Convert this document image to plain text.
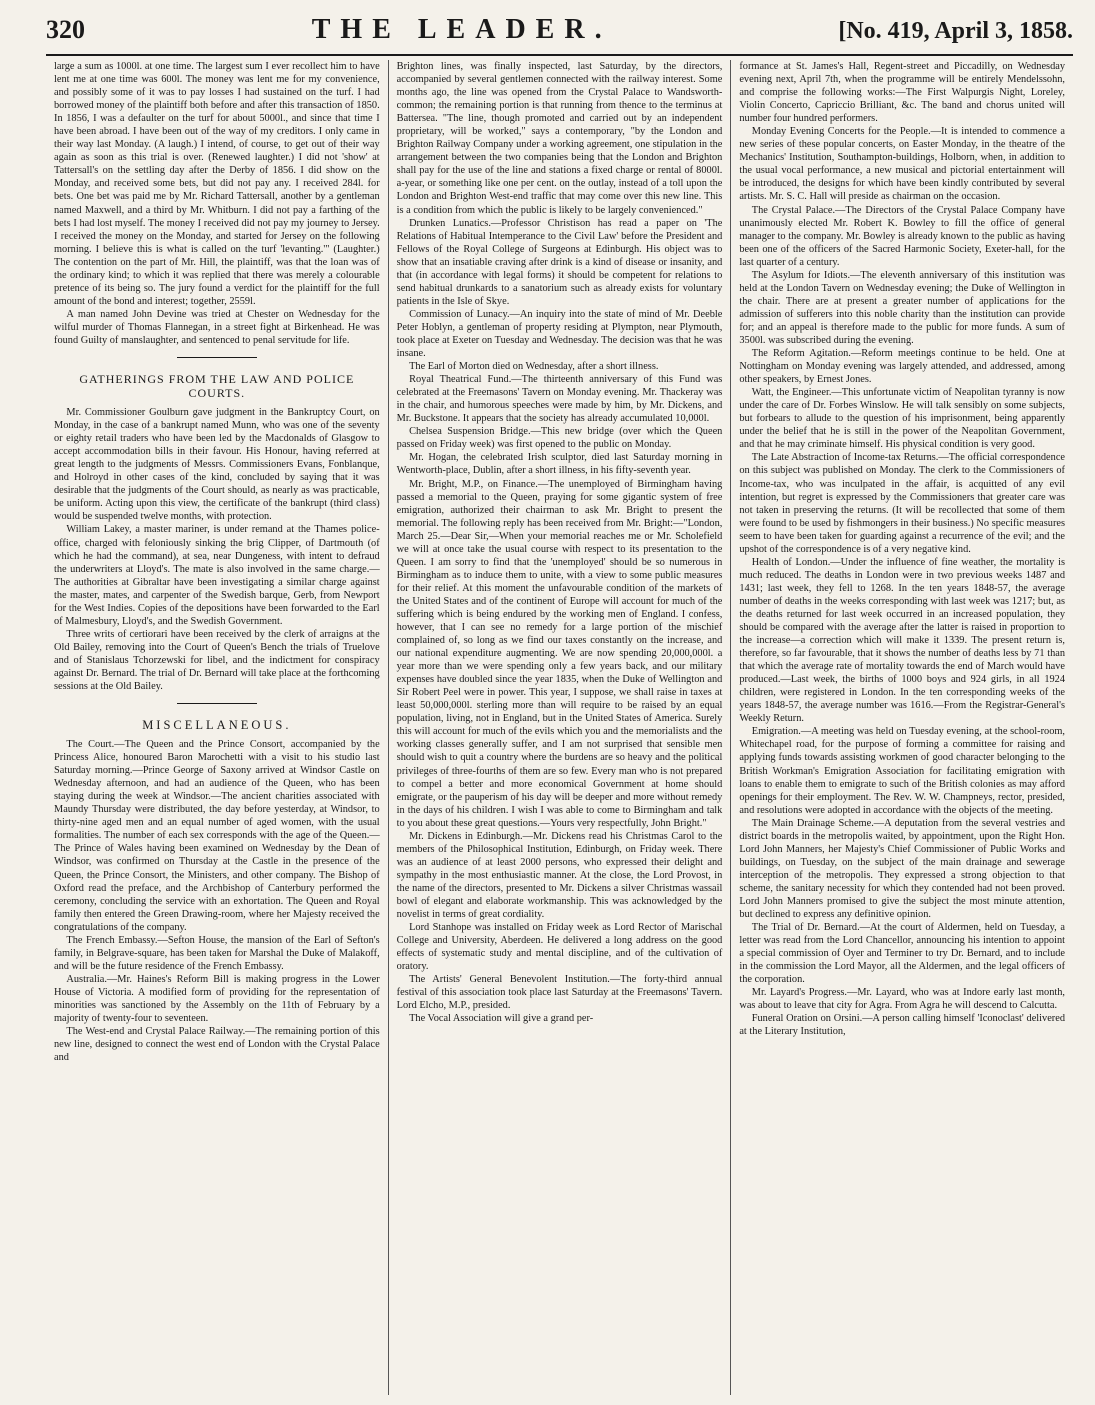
320	THE LEADER.	[No. 419, April 3, 1858.

large a sum as 1000l. at one time. The largest sum I ever recollect him to have lent me at one time was 600l. The money was lent me for my convenience, and possibly some of it was to pay losses I had sustained on the turf. I had borrowed money of the plaintiff both before and after this transaction of 1850. In 1856, I was a defaulter on the turf for about 5000l., and since that time I have been abroad. I have been out of the way of my creditors. I only came in their way last Monday. (A laugh.) I intend, of course, to get out of their way again as soon as this trial is over. (Renewed laughter.) I did not 'show' at Tattersall's on the settling day after the Derby of 1856. I did show on the Monday, and received some bets, but did not pay any. I received 284l. for bets. One bet was paid me by Mr. Richard Tattersall, another by a gentleman named Maxwell, and a third by Mr. Whitburn. I did not pay a farthing of the bets I had lost myself. The money I received did not pay my journey to Jersey. I received the money on the Monday, and started for Jersey on the following morning. I believe this is what is called on the turf 'levanting.'" (Laughter.) The contention on the part of Mr. Hill, the plaintiff, was that the loan was of the ordinary kind; to which it was replied that there was merely a colourable pretence of its being so. The jury found a verdict for the plaintiff for the full amount of the bond and interest; together, 2559l.

A man named John Devine was tried at Chester on Wednesday for the wilful murder of Thomas Flannegan, in a street fight at Birkenhead. He was found Guilty of manslaughter, and sentenced to penal servitude for life.

GATHERINGS FROM THE LAW AND POLICE COURTS.

Mr. Commissioner Goulburn gave judgment in the Bankruptcy Court, on Monday, in the case of a bankrupt named Munn, who was one of the seventy or eighty retail traders who have been led by the Macdonalds of Glasgow to accept accommodation bills in their favour. His Honour, having referred at great length to the judgments of Messrs. Commissioners Evans, Fonblanque, and Holroyd in other cases of the kind, concluded by saying that it was desirable that the judgments of the Court should, as nearly as was practicable, be uniform. Acting upon this view, the certificate of the bankrupt (third class) would be suspended twelve months, with protection.

William Lakey, a master mariner, is under remand at the Thames police-office, charged with feloniously sinking the brig Clipper, of Dartmouth (of which he had the command), at sea, near Dungeness, with intent to defraud the underwriters at Lloyd's. The mate is also involved in the same charge.—The authorities at Gibraltar have been investigating a similar charge against the master, mates, and carpenter of the Swedish barque, Gerb, from Newport for the West Indies. Copies of the depositions have been forwarded to the Earl of Malmesbury, Lloyd's, and the Swedish Government.

Three writs of certiorari have been received by the clerk of arraigns at the Old Bailey, removing into the Court of Queen's Bench the trials of Truelove and of Stanislaus Tchorzewski for libel, and the indictment for conspiracy against Dr. Bernard. The trial of Dr. Bernard will take place at the forthcoming sessions at the Old Bailey.

MISCELLANEOUS.

The Court.—The Queen and the Prince Consort, accompanied by the Princess Alice, honoured Baron Marochetti with a visit to his studio last Saturday morning.—Prince George of Saxony arrived at Windsor Castle on Wednesday afternoon, and had an audience of the Queen, who has been staying during the week at Windsor.—The ancient charities associated with Maundy Thursday were distributed, the day before yesterday, at Windsor, to thirty-nine aged men and an equal number of aged women, with the usual formalities. The number of each sex corresponds with the age of the Queen.—The Prince of Wales having been examined on Wednesday by the Dean of Windsor, was confirmed on Thursday at the Castle in the presence of the Queen, the Prince Consort, the Ministers, and other company. The Bishop of Oxford read the preface, and the Archbishop of Canterbury performed the ceremony, concluding the service with an exhortation. The Queen and Royal family then entered the Green Drawing-room, where her Majesty received the congratulations of the company.

The French Embassy.—Sefton House, the mansion of the Earl of Sefton's family, in Belgrave-square, has been taken for Marshal the Duke of Malakoff, and will be the future residence of the French Embassy.

Australia.—Mr. Haines's Reform Bill is making progress in the Lower House of Victoria. A modified form of providing for the representation of minorities was sanctioned by the Assembly on the 11th of February by a majority of twenty-four to seventeen.

The West-end and Crystal Palace Railway.—The remaining portion of this new line, designed to connect the west end of London with the Crystal Palace and

Brighton lines, was finally inspected, last Saturday, by the directors, accompanied by several gentlemen connected with the railway interest. Some months ago, the line was opened from the Crystal Palace to Wandsworth-common; the remaining portion is that running from thence to the terminus at Battersea. "The line, though promoted and carried out by an independent proprietary, will be worked," says a contemporary, "by the London and Brighton Railway Company under a working agreement, one stipulation in the arrangement between the two companies being that the London and Brighton shall pay for the use of the line and stations a fixed charge or rental of 8000l. a-year, or something like one per cent. on the outlay, instead of a toll upon the London and Brighton West-end traffic that may come over this new line. This is a condition from which the public is likely to be largely convenienced."

Drunken Lunatics.—Professor Christison has read a paper on 'The Relations of Habitual Intemperance to the Civil Law' before the President and Fellows of the Royal College of Surgeons at Edinburgh. His object was to show that an insatiable craving after drink is a kind of disease or insanity, and that (in accordance with legal forms) it should be competent for relations to send habitual drunkards to a sanatorium such as already exists for voluntary patients in the Isle of Skye.

Commission of Lunacy.—An inquiry into the state of mind of Mr. Deeble Peter Hoblyn, a gentleman of property residing at Plympton, near Plymouth, took place at Exeter on Tuesday and Wednesday. The decision was that he was insane.

The Earl of Morton died on Wednesday, after a short illness.

Royal Theatrical Fund.—The thirteenth anniversary of this Fund was celebrated at the Freemasons' Tavern on Monday evening. Mr. Thackeray was in the chair, and humorous speeches were made by him, by Mr. Dickens, and Mr. Buckstone. It appears that the society has already accumulated 10,000l.

Chelsea Suspension Bridge.—This new bridge (over which the Queen passed on Friday week) was first opened to the public on Monday.

Mr. Hogan, the celebrated Irish sculptor, died last Saturday morning in Wentworth-place, Dublin, after a short illness, in his fifty-seventh year.

Mr. Bright, M.P., on Finance.—The unemployed of Birmingham having passed a memorial to the Queen, praying for some gigantic system of free emigration, authorized their chairman to ask Mr. Bright to present the memorial. The following reply has been received from Mr. Bright:—"London, March 25.—Dear Sir,—When your memorial reaches me or Mr. Scholefield we will at once take the usual course with respect to its presentation to the Queen. I am sorry to find that the 'unemployed' should be so numerous in Birmingham as to induce them to unite, with a view to some public measures for their relief. At this moment the unfavourable condition of the markets of the United States and of the continent of Europe will account for much of the suffering which is being endured by the working men of England. I confess, however, that I can see no remedy for a large portion of the mischief complained of, so long as we find our taxes constantly on the increase, and our national expenditure augmenting. We are now spending 20,000,000l. a year more than we were spending only a few years back, and our military expenses have doubled since the year 1835, when the Duke of Wellington and Sir Robert Peel were in power. This year, I suppose, we shall raise in taxes at least 50,000,000l. sterling more than will require to be raised by an equal population, living, not in England, but in the United States of America. Surely this will account for much of the evils which you and the memorialists and the working classes generally suffer, and I am not surprised that sensible men should wish to quit a country where the burdens are so heavy and the political privileges of three-fourths of them are so few. Every man who is not prepared to compel a better and more economical Government at home should emigrate, or the pauperism of his day will be deeper and more without remedy in the days of his children. I wish I was able to come to Birmingham and talk to you about these great questions.—Yours very respectfully, John Bright."

Mr. Dickens in Edinburgh.—Mr. Dickens read his Christmas Carol to the members of the Philosophical Institution, Edinburgh, on Friday week. There was an audience of at least 2000 persons, who expressed their delight and sympathy in the most enthusiastic manner. At the close, the Lord Provost, in the name of the directors, presented to Mr. Dickens a silver Christmas wassail bowl of elegant and elaborate workmanship. This was acknowledged by the novelist in terms of great cordiality.

Lord Stanhope was installed on Friday week as Lord Rector of Marischal College and University, Aberdeen. He delivered a long address on the good effects of systematic study and mental discipline, and of the cultivation of oratory.

The Artists' General Benevolent Institution.—The forty-third annual festival of this association took place last Saturday at the Freemasons' Tavern. Lord Elcho, M.P., presided.

The Vocal Association will give a grand per-

formance at St. James's Hall, Regent-street and Piccadilly, on Wednesday evening next, April 7th, when the programme will be entirely Mendelssohn, and comprise the following works:—The First Walpurgis Night, Loreley, Violin Concerto, Capriccio Brilliant, &c. The band and chorus united will number four hundred performers.

Monday Evening Concerts for the People.—It is intended to commence a new series of these popular concerts, on Easter Monday, in the theatre of the Mechanics' Institution, Southampton-buildings, Holborn, when, in addition to the usual vocal performance, a new musical and pictorial entertainment will be introduced, the designs for which have been kindly contributed by several artists. Mr. S. C. Hall will preside as chairman on the occasion.

The Crystal Palace.—The Directors of the Crystal Palace Company have unanimously elected Mr. Robert K. Bowley to fill the office of general manager to the company. Mr. Bowley is already known to the public as having been one of the officers of the Sacred Harmonic Society, Exeter-hall, for the last quarter of a century.

The Asylum for Idiots.—The eleventh anniversary of this institution was held at the London Tavern on Wednesday evening; the Duke of Wellington in the chair. There are at present a greater number of applications for the admission of sufferers into this noble charity than the institution can provide for; and an appeal is therefore made to the public for more funds. A sum of 3500l. was subscribed during the evening.

The Reform Agitation.—Reform meetings continue to be held. One at Nottingham on Monday evening was largely attended, and addressed, among other speakers, by Ernest Jones.

Watt, the Engineer.—This unfortunate victim of Neapolitan tyranny is now under the care of Dr. Forbes Winslow. He will talk sensibly on some subjects, but forbears to allude to the question of his imprisonment, being apparently under the belief that he is still in the power of the Neapolitan Government, and that he may criminate himself. His physical condition is very good.

The Late Abstraction of Income-tax Returns.—The official correspondence on this subject was published on Monday. The clerk to the Commissioners of Income-tax, who was inculpated in the affair, is acquitted of any evil intention, but regret is expressed by the Commissioners that greater care was not taken in preserving the returns. (It will be recollected that some of them were found to be used by fishmongers in their business.) No specific measures seem to have been taken for guarding against a recurrence of the evil; and the upshot of the correspondence is of a very negative kind.

Health of London.—Under the influence of fine weather, the mortality is much reduced. The deaths in London were in two previous weeks 1487 and 1431; last week, they fell to 1268. In the ten years 1848-57, the average number of deaths in the weeks corresponding with last week was 1217; but, as the deaths returned for last week occurred in an increased population, they should be compared with the average after the latter is raised in proportion to the increase—a correction which will make it 1339. The present return is, therefore, so far favourable, that it shows the number of deaths less by 71 than that which the average rate of mortality towards the end of March would have produced.—Last week, the births of 1000 boys and 924 girls, in all 1924 children, were registered in London. In the ten corresponding weeks of the years 1848-57, the average number was 1616.—From the Registrar-General's Weekly Return.

Emigration.—A meeting was held on Tuesday evening, at the school-room, Whitechapel road, for the purpose of forming a committee for raising and applying funds towards assisting workmen of good character belonging to the British Workman's Emigration Association for facilitating emigration with loans to enable them to emigrate to such of the British colonies as may afford openings for their employment. The Rev. W. W. Champneys, rector, presided, and resolutions were adopted in accordance with the objects of the meeting.

The Main Drainage Scheme.—A deputation from the several vestries and district boards in the metropolis waited, by appointment, upon the Right Hon. Lord John Manners, her Majesty's Chief Commissioner of Public Works and buildings, on Tuesday, on the subject of the main drainage and sewerage interception of the metropolis. They expressed a strong objection to that scheme, the sanitary necessity for which they contended had not been proved. Lord John Manners promised to give the subject the most minute attention, but declined to express any definitive opinion.

The Trial of Dr. Bernard.—At the court of Aldermen, held on Tuesday, a letter was read from the Lord Chancellor, announcing his intention to appoint a special commission of Oyer and Terminer to try Dr. Bernard, and to include in the commission the Lord Mayor, all the Aldermen, and the legal officers of the corporation.

Mr. Layard's Progress.—Mr. Layard, who was at Indore early last month, was about to leave that city for Agra. From Agra he will descend to Calcutta.

Funeral Oration on Orsini.—A person calling himself 'Iconoclast' delivered at the Literary Institution,
